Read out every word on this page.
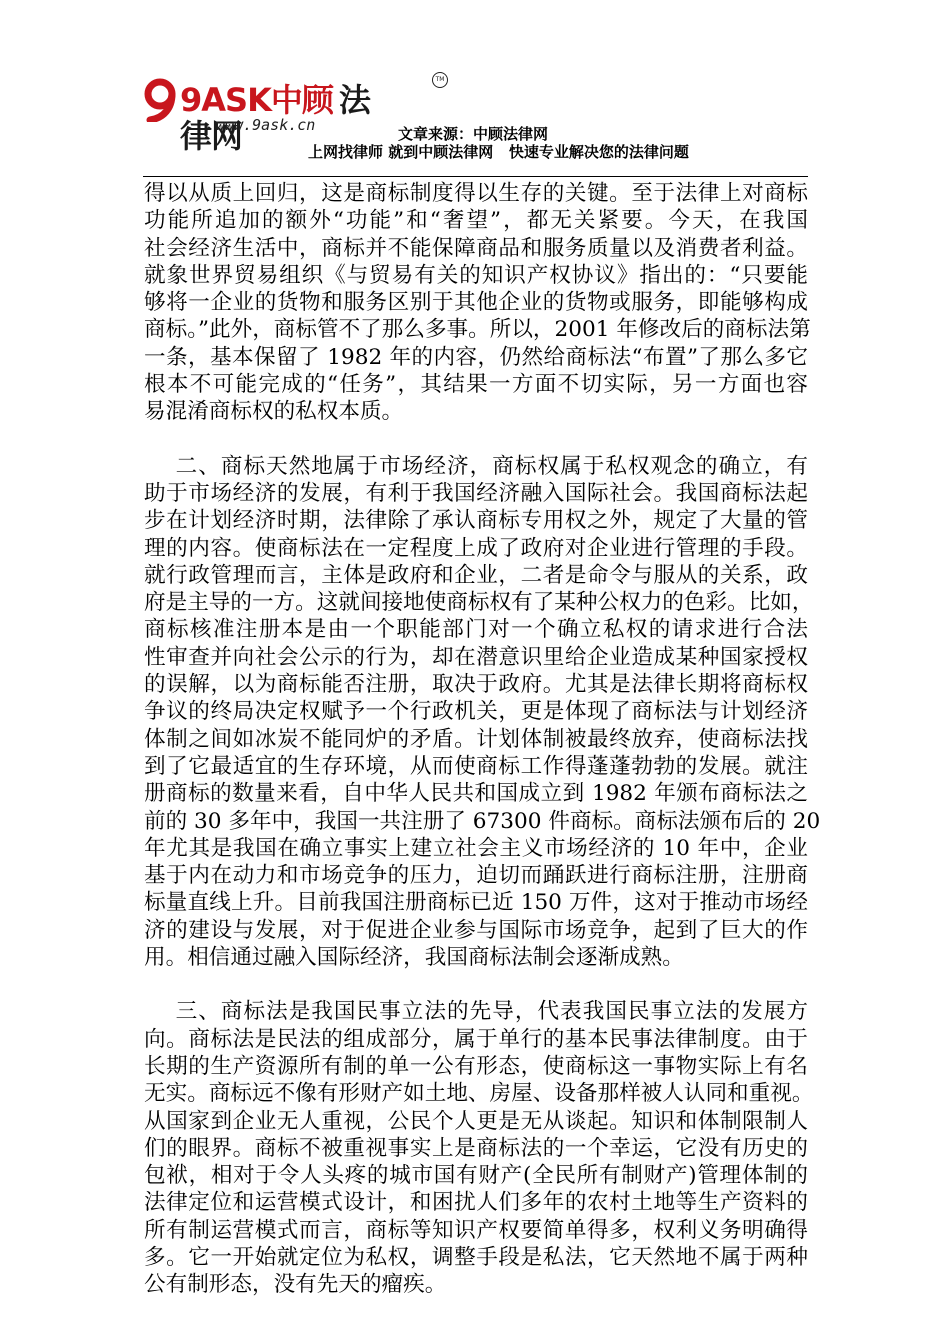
9ASK中顾 法律网
TM
www.9ask.cn	文章来源：中顾法律网
上网找律师 就到中顾法律网   快速专业解决您的法律问题

得以从质上回归，这是商标制度得以生存的关键。至于法律上对商标
功能所追加的额外“功能”和“奢望”，都无关紧要。今天，在我国
社会经济生活中，商标并不能保障商品和服务质量以及消费者利益。
就象世界贸易组织《与贸易有关的知识产权协议》指出的：“只要能
够将一企业的货物和服务区别于其他企业的货物或服务，即能够构成
商标。”此外，商标管不了那么多事。所以，2001 年修改后的商标法第
一条，基本保留了 1982 年的内容，仍然给商标法“布置”了那么多它
根本不可能完成的“任务”，其结果一方面不切实际，另一方面也容
易混淆商标权的私权本质。

二、商标天然地属于市场经济，商标权属于私权观念的确立，有
助于市场经济的发展，有利于我国经济融入国际社会。我国商标法起
步在计划经济时期，法律除了承认商标专用权之外，规定了大量的管
理的内容。使商标法在一定程度上成了政府对企业进行管理的手段。
就行政管理而言，主体是政府和企业，二者是命令与服从的关系，政
府是主导的一方。这就间接地使商标权有了某种公权力的色彩。比如，
商标核准注册本是由一个职能部门对一个确立私权的请求进行合法
性审查并向社会公示的行为，却在潜意识里给企业造成某种国家授权
的误解，以为商标能否注册，取决于政府。尤其是法律长期将商标权
争议的终局决定权赋予一个行政机关，更是体现了商标法与计划经济
体制之间如冰炭不能同炉的矛盾。计划体制被最终放弃，使商标法找
到了它最适宜的生存环境，从而使商标工作得蓬蓬勃勃的发展。就注
册商标的数量来看，自中华人民共和国成立到 1982 年颁布商标法之
前的 30 多年中，我国一共注册了 67300 件商标。商标法颁布后的 20
年尤其是我国在确立事实上建立社会主义市场经济的 10 年中，企业
基于内在动力和市场竞争的压力，迫切而踊跃进行商标注册，注册商
标量直线上升。目前我国注册商标已近 150 万件，这对于推动市场经
济的建设与发展，对于促进企业参与国际市场竞争，起到了巨大的作
用。相信通过融入国际经济，我国商标法制会逐渐成熟。

三、商标法是我国民事立法的先导，代表我国民事立法的发展方
向。商标法是民法的组成部分，属于单行的基本民事法律制度。由于
长期的生产资源所有制的单一公有形态，使商标这一事物实际上有名
无实。商标远不像有形财产如土地、房屋、设备那样被人认同和重视。
从国家到企业无人重视，公民个人更是无从谈起。知识和体制限制人
们的眼界。商标不被重视事实上是商标法的一个幸运，它没有历史的
包袱，相对于令人头疼的城市国有财产(全民所有制财产)管理体制的
法律定位和运营模式设计，和困扰人们多年的农村土地等生产资料的
所有制运营模式而言，商标等知识产权要简单得多，权利义务明确得
多。它一开始就定位为私权，调整手段是私法，它天然地不属于两种
公有制形态，没有先天的瘤疾。
